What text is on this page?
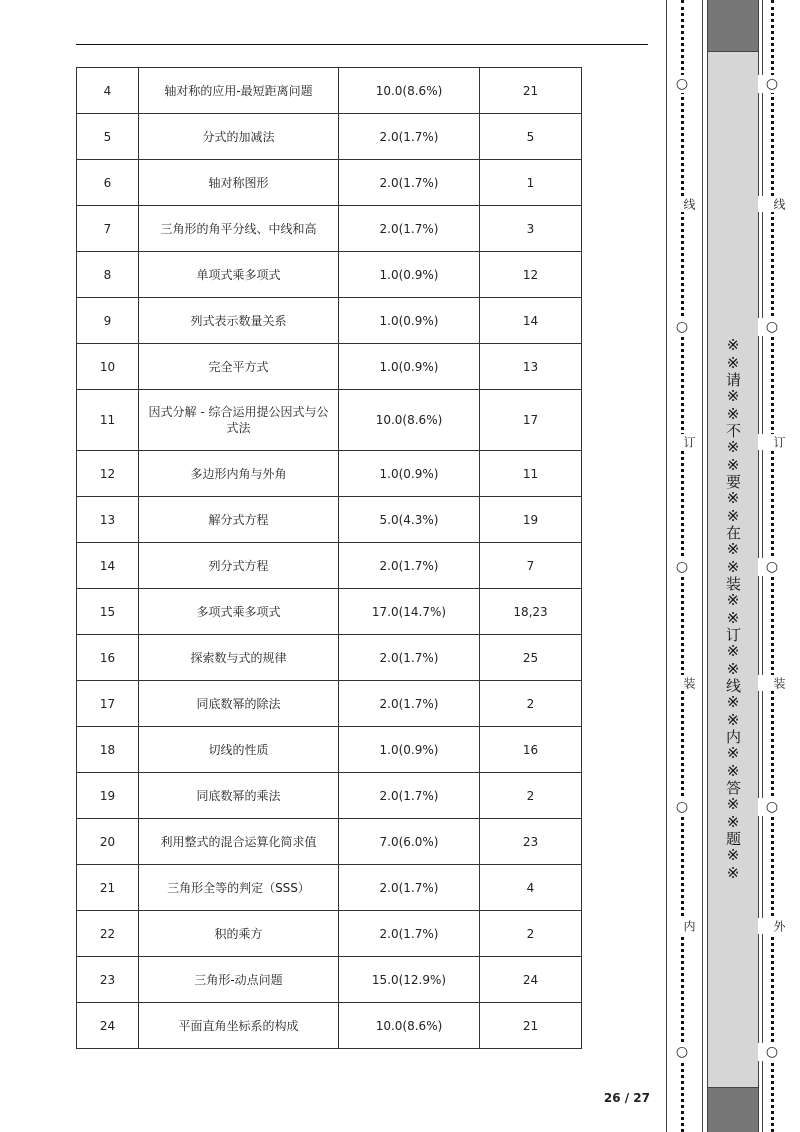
4	轴对称的应用-最短距离问题	10.0(8.6%)	21
5	分式的加减法	2.0(1.7%)	5
6	轴对称图形	2.0(1.7%)	1
7	三角形的角平分线、中线和高	2.0(1.7%)	3
8	单项式乘多项式	1.0(0.9%)	12
9	列式表示数量关系	1.0(0.9%)	14
10	完全平方式	1.0(0.9%)	13
11	因式分解 - 综合运用提公因式与公式法	10.0(8.6%)	17
12	多边形内角与外角	1.0(0.9%)	11
13	解分式方程	5.0(4.3%)	19
14	列分式方程	2.0(1.7%)	7
15	多项式乘多项式	17.0(14.7%)	18,23
16	探索数与式的规律	2.0(1.7%)	25
17	同底数幂的除法	2.0(1.7%)	2
18	切线的性质	1.0(0.9%)	16
19	同底数幂的乘法	2.0(1.7%)	2
20	利用整式的混合运算化简求值	7.0(6.0%)	23
21	三角形全等的判定（SSS）	2.0(1.7%)	4
22	积的乘方	2.0(1.7%)	2
23	三角形-动点问题	15.0(12.9%)	24
24	平面直角坐标系的构成	10.0(8.6%)	21
26 / 27
○
○
○
○
○
线
订
装
内
※※请※※不※※要※※在※※装※※订※※线※※内※※答※※题※※
○
○
○
○
○
线
订
装
外
